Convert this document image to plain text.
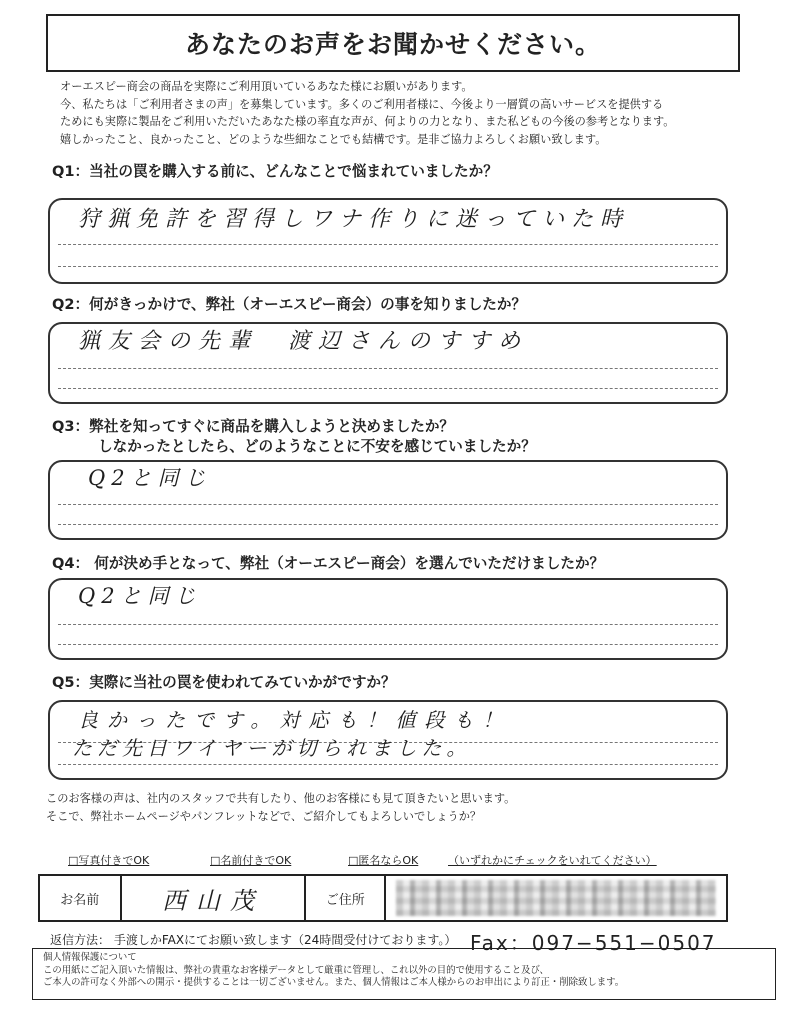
あなたのお声をお聞かせください。
オーエスピー商会の商品を実際にご利用頂いているあなた様にお願いがあります。
今、私たちは「ご利用者さまの声」を募集しています。多くのご利用者様に、今後より一層質の高いサービスを提供する
ためにも実際に製品をご利用いただいたあなた様の率直な声が、何よりの力となり、また私どもの今後の参考となります。
嬉しかったこと、良かったこと、どのような些細なことでも結構です。是非ご協力よろしくお願い致します。
Q1：当社の罠を購入する前に、どんなことで悩まれていましたか？
狩猟免許を習得しワナ作りに迷っていた時
Q2：何がきっかけで、弊社（オーエスピー商会）の事を知りましたか？
猟友会の先輩　渡辺さんのすすめ
Q3：弊社を知ってすぐに商品を購入しようと決めましたか？
しなかったとしたら、どのようなことに不安を感じていましたか？
Q2と同じ
Q4： 何が決め手となって、弊社（オーエスピー商会）を選んでいただけましたか？
Q2と同じ
Q5：実際に当社の罠を使われてみていかがですか？
良かったです。対応も！値段も！
ただ先日ワイヤーが切られました。
このお客様の声は、社内のスタッフで共有したり、他のお客様にも見て頂きたいと思います。
そこで、弊社ホームページやパンフレットなどで、ご紹介してもよろしいでしょうか？
□写真付きでOK	□名前付きでOK	□匿名ならOK	（いずれかにチェックをいれてください）
お名前	西山茂	ご住所
返信方法： 手渡しかFAXにてお願い致します（24時間受付けております。） Fax：097−551−0507
個人情報保護について
この用紙にご記入頂いた情報は、弊社の貴重なお客様データとして厳重に管理し、これ以外の目的で使用すること及び、
ご本人の許可なく外部への開示・提供することは一切ございません。また、個人情報はご本人様からのお申出により訂正・削除致します。
